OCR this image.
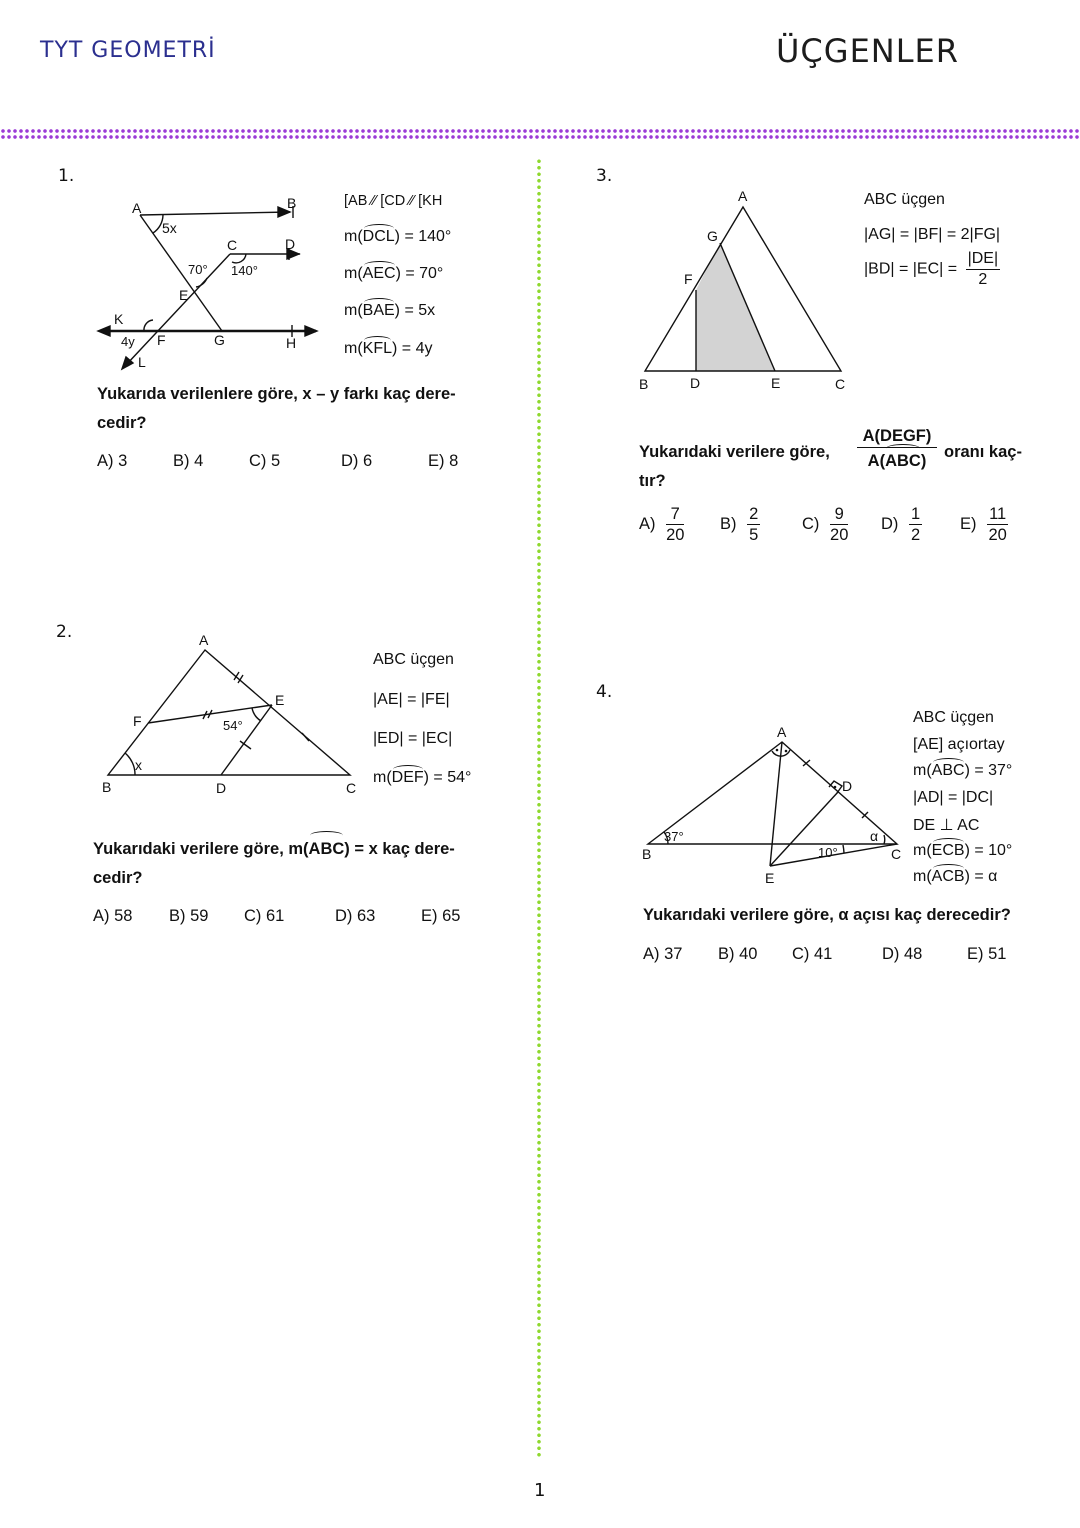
TYT GEOMETRİ	ÜÇGENLER
1.
A	B
C	D
E
F	G	H
K
L
5x
70° 140°
4y
[AB ⁄⁄ [CD ⁄⁄ [KH
m(DCL) = 140°
m(AEC) = 70°
m(BAE) = 5x
m(KFL) = 4y
Yukarıda verilenlere göre, x – y farkı kaç dere-
cedir?
A) 3	B) 4	C) 5	D) 6	E) 8
2.	A
B	C
D
E
F	54°
x
ABC üçgen
|AE| = |FE|
|ED| = |EC|
m(DEF) = 54°
Yukarıdaki verilere göre, m(ABC) = x kaç dere-
cedir?
A) 58 B) 59 C) 61	D) 63	E) 65
3.
A
B	C
D	E
F
G
ABC üçgen
|AG| = |BF| = 2|FG|
$|BD| = |EC| = \frac{|DE|}{2}$
Yukarıdaki verilere göre, $\frac{\text{A(DEGF)}}{\text{A(ABC)}}$ oranı kaç-
tır?
$A) \frac{7}{20} B) \frac{2}{5}$	$C) \frac{9}{20} D) \frac{1}{2} E) \frac{11}{20}$
4.
A
B	C
D
E
37°
10°
α
ABC üçgen
[AE] açıortay
m(ABC) = 37°
|AD| = |DC|
DE ⊥ AC
m(ECB) = 10°
m(ACB) = α
Yukarıdaki verilere göre, α açısı kaç derecedir?
A) 37 B) 40 C) 41	D) 48	E) 51
1
